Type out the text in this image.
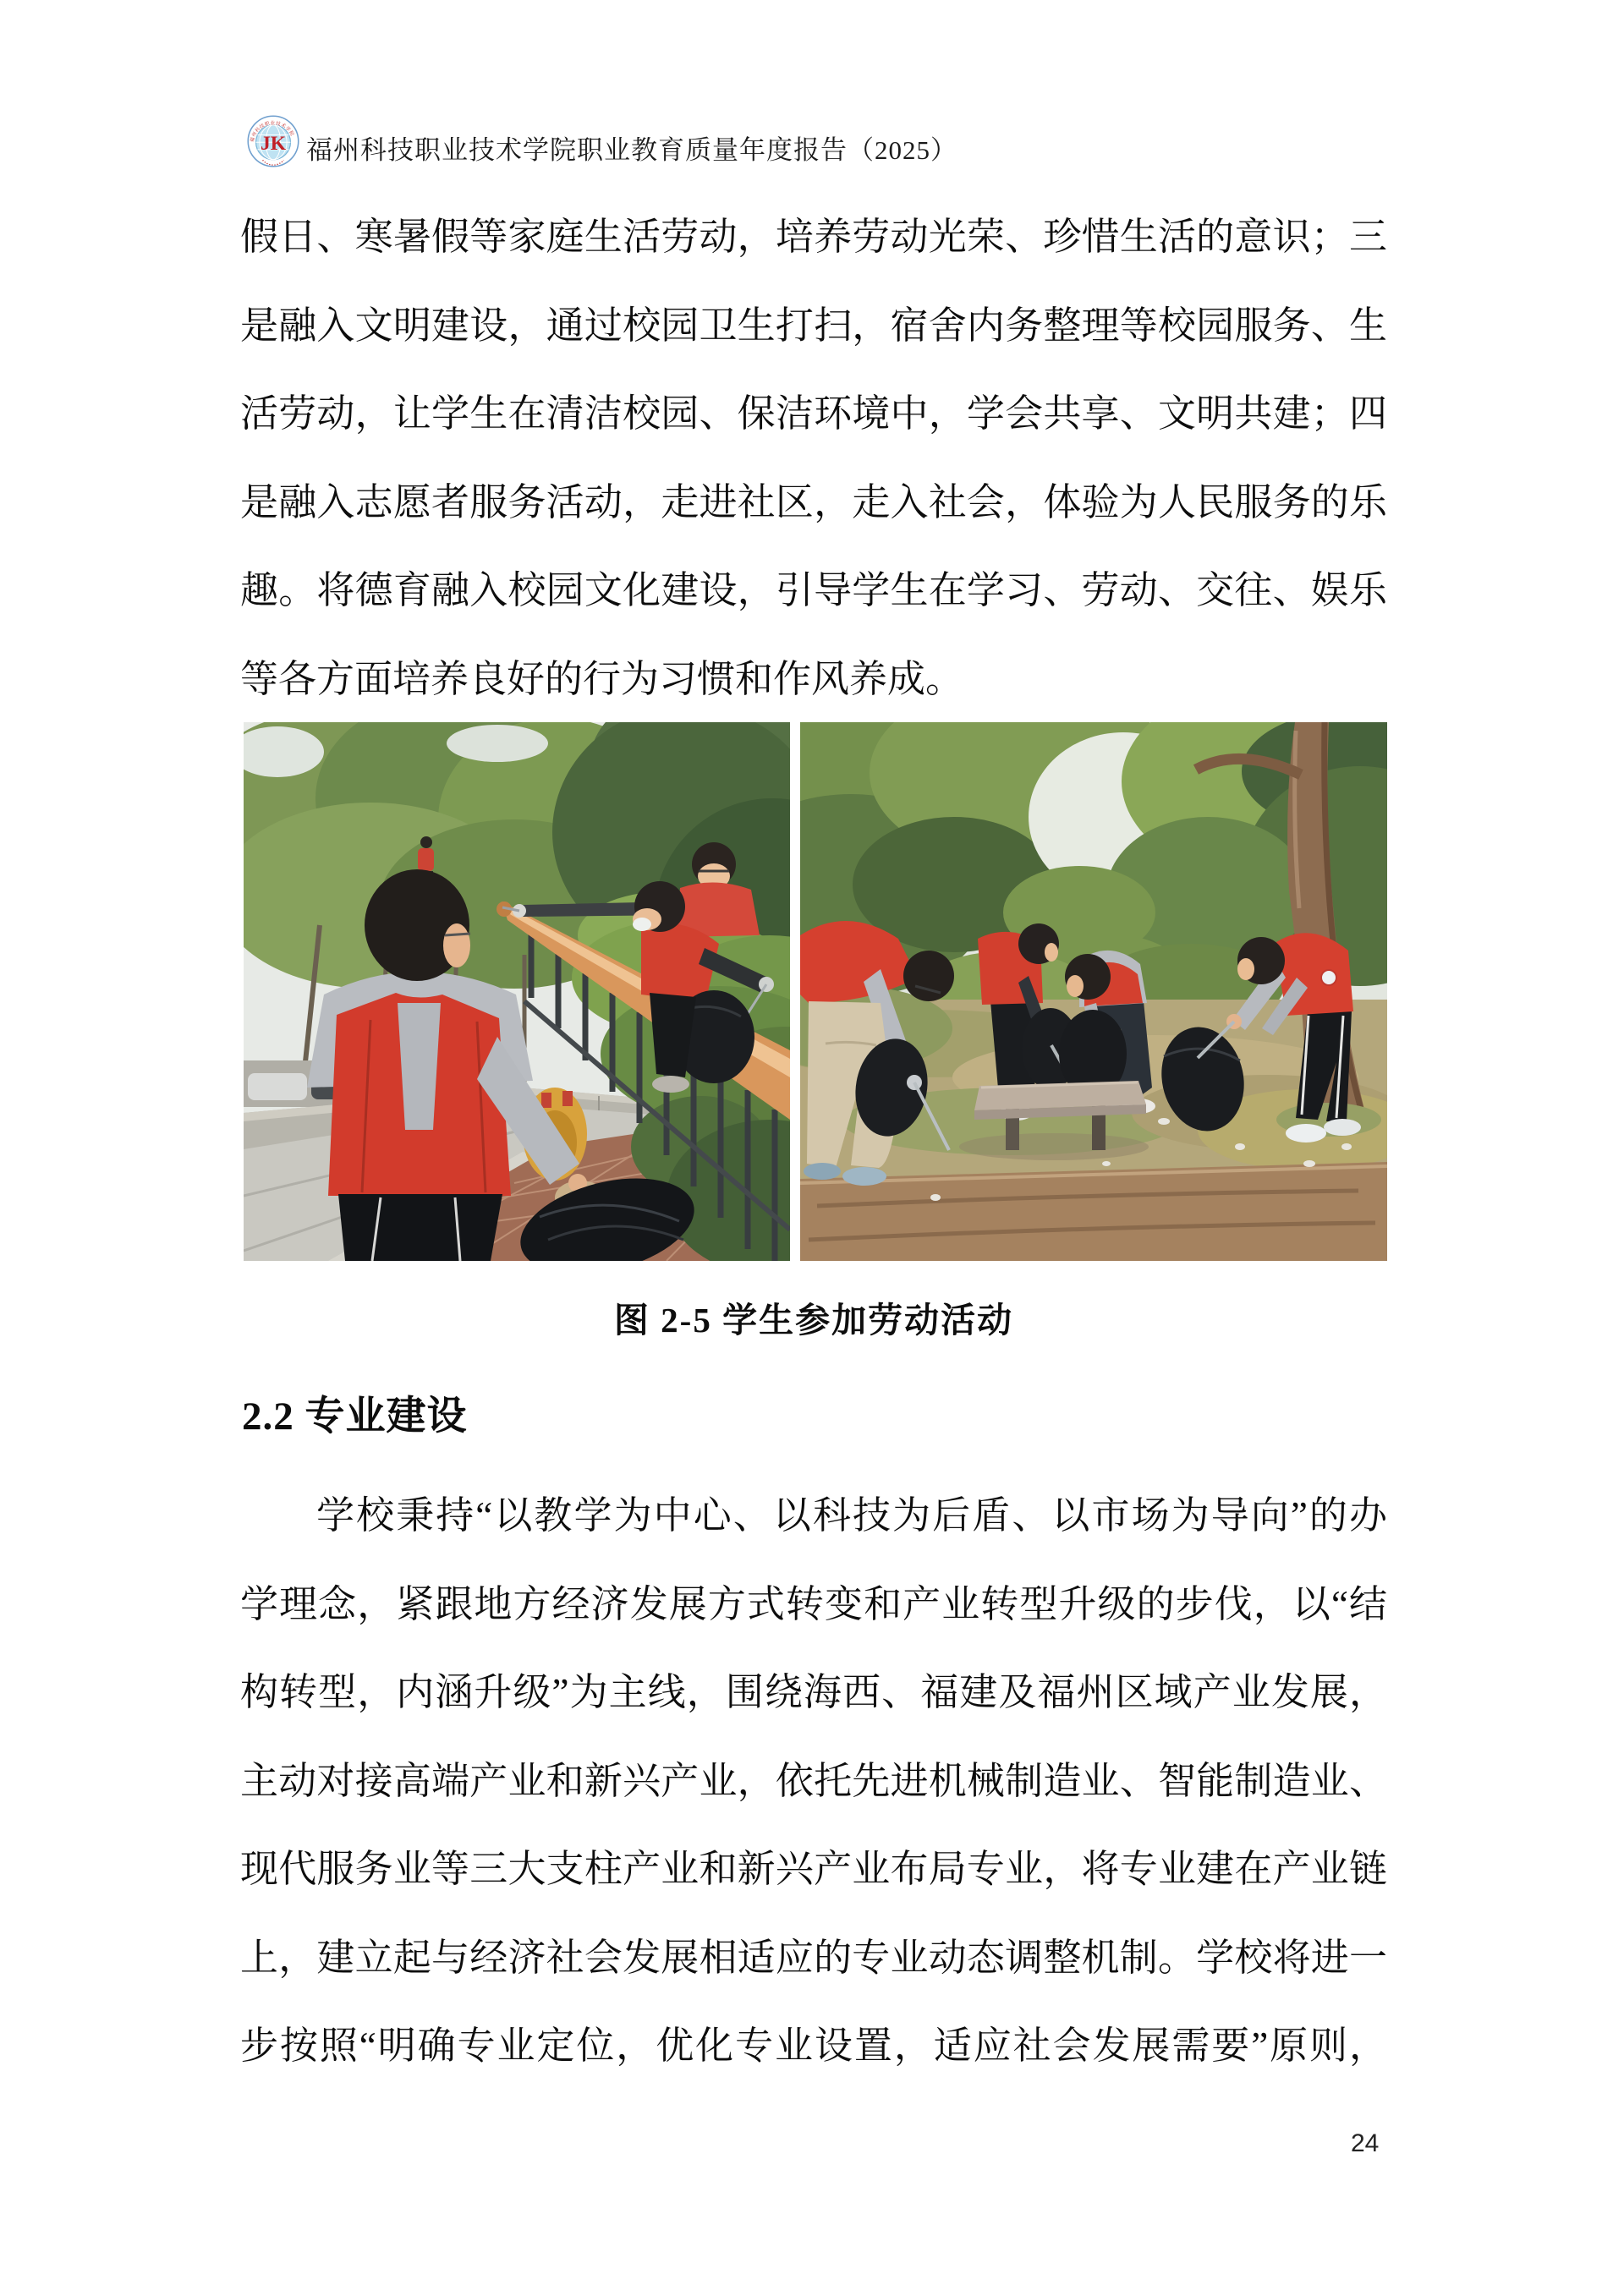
福州科技职业技术学院
JK 福州科技职业技术学院职业教育质量年度报告（2025）
假日、寒暑假等家庭生活劳动，培养劳动光荣、珍惜生活的意识；三
是融入文明建设，通过校园卫生打扫，宿舍内务整理等校园服务、生
活劳动，让学生在清洁校园、保洁环境中，学会共享、文明共建；四
是融入志愿者服务活动，走进社区，走入社会，体验为人民服务的乐
趣。将德育融入校园文化建设，引导学生在学习、劳动、交往、娱乐
等各方面培养良好的行为习惯和作风养成。
图 2-5 学生参加劳动活动
2.2 专业建设
学校秉持“以教学为中心、以科技为后盾、以市场为导向”的办
学理念，紧跟地方经济发展方式转变和产业转型升级的步伐，以“结
构转型，内涵升级”为主线，围绕海西、福建及福州区域产业发展，
主动对接高端产业和新兴产业，依托先进机械制造业、智能制造业、
现代服务业等三大支柱产业和新兴产业布局专业，将专业建在产业链
上，建立起与经济社会发展相适应的专业动态调整机制。学校将进一
步按照“明确专业定位，优化专业设置，适应社会发展需要”原则，
24
